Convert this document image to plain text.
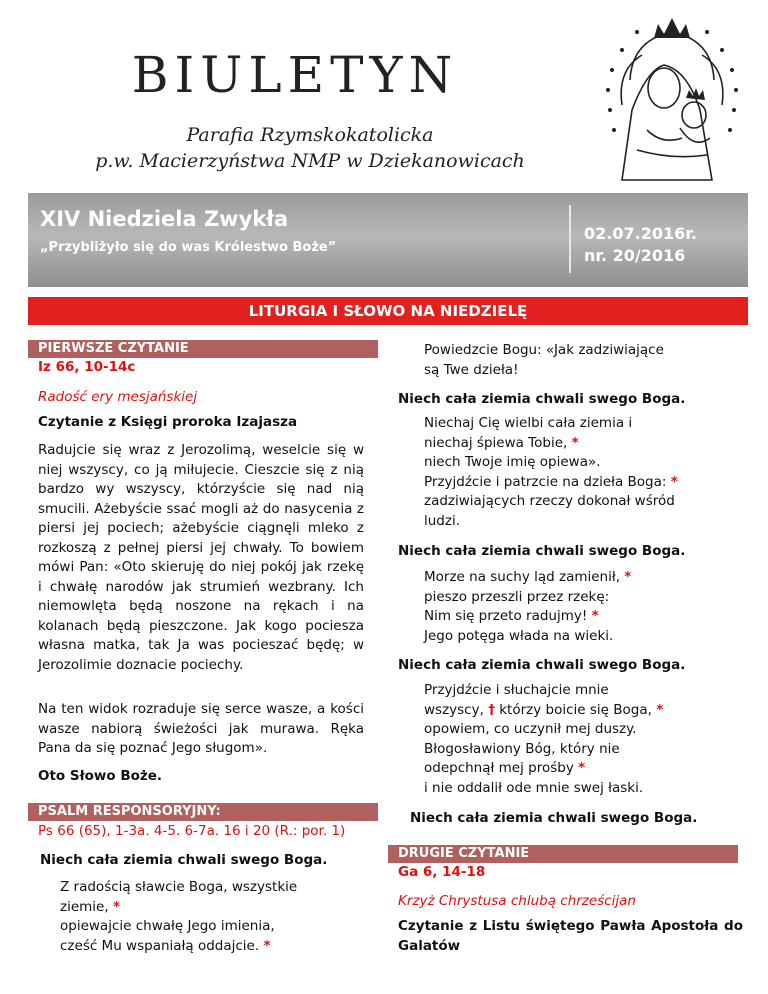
BIULETYN
Parafia Rzymskokatolicka
p.w. Macierzyństwa NMP w Dziekanowicach
XIV Niedziela Zwykła
„Przybliżyło się do was Królestwo Boże”
02.07.2016r.
nr. 20/2016
LITURGIA I SŁOWO NA NIEDZIELĘ
PIERWSZE CZYTANIE
Iz 66, 10-14c
Radość ery mesjańskiej
Czytanie z Księgi proroka Izajasza
Radujcie się wraz z Jerozolimą, weselcie się w niej wszyscy, co ją miłujecie. Cieszcie się z nią bardzo wy wszyscy, którzyście się nad nią smucili. Ażebyście ssać mogli aż do nasycenia z piersi jej pociech; ażebyście ciągnęli mleko z rozkoszą z pełnej piersi jej chwały. To bowiem mówi Pan: «Oto skieruję do niej pokój jak rzekę i chwałę narodów jak strumień wezbrany. Ich niemowlęta będą noszone na rękach i na kolanach będą pieszczone. Jak kogo pociesza własna matka, tak Ja was pocieszać będę; w Jerozolimie doznacie pociechy.
Na ten widok rozraduje się serce wasze, a kości wasze nabiorą świeżości jak murawa. Ręka Pana da się poznać Jego sługom».
Oto Słowo Boże.
PSALM RESPONSORYJNY:
Ps 66 (65), 1-3a. 4-5. 6-7a. 16 i 20 (R.: por. 1)
Niech cała ziemia chwali swego Boga.
Z radością sławcie Boga, wszystkie
ziemie, *
opiewajcie chwałę Jego imienia,
cześć Mu wspaniałą oddajcie. *
Powiedzcie Bogu: «Jak zadziwiające
są Twe dzieła!
Niech cała ziemia chwali swego Boga.
Niechaj Cię wielbi cała ziemia i
niechaj śpiewa Tobie, *
niech Twoje imię opiewa».
Przyjdźcie i patrzcie na dzieła Boga: *
zadziwiających rzeczy dokonał wśród
ludzi.
Niech cała ziemia chwali swego Boga.
Morze na suchy ląd zamienił, *
pieszo przeszli przez rzekę:
Nim się przeto radujmy! *
Jego potęga włada na wieki.
Niech cała ziemia chwali swego Boga.
Przyjdźcie i słuchajcie mnie
wszyscy, † którzy boicie się Boga, *
opowiem, co uczynił mej duszy.
Błogosławiony Bóg, który nie
odepchnął mej prośby *
i nie oddalił ode mnie swej łaski.
Niech cała ziemia chwali swego Boga.
DRUGIE CZYTANIE
Ga 6, 14-18
Krzyż Chrystusa chlubą chrześcijan
Czytanie z Listu świętego Pawła Apostoła do Galatów
